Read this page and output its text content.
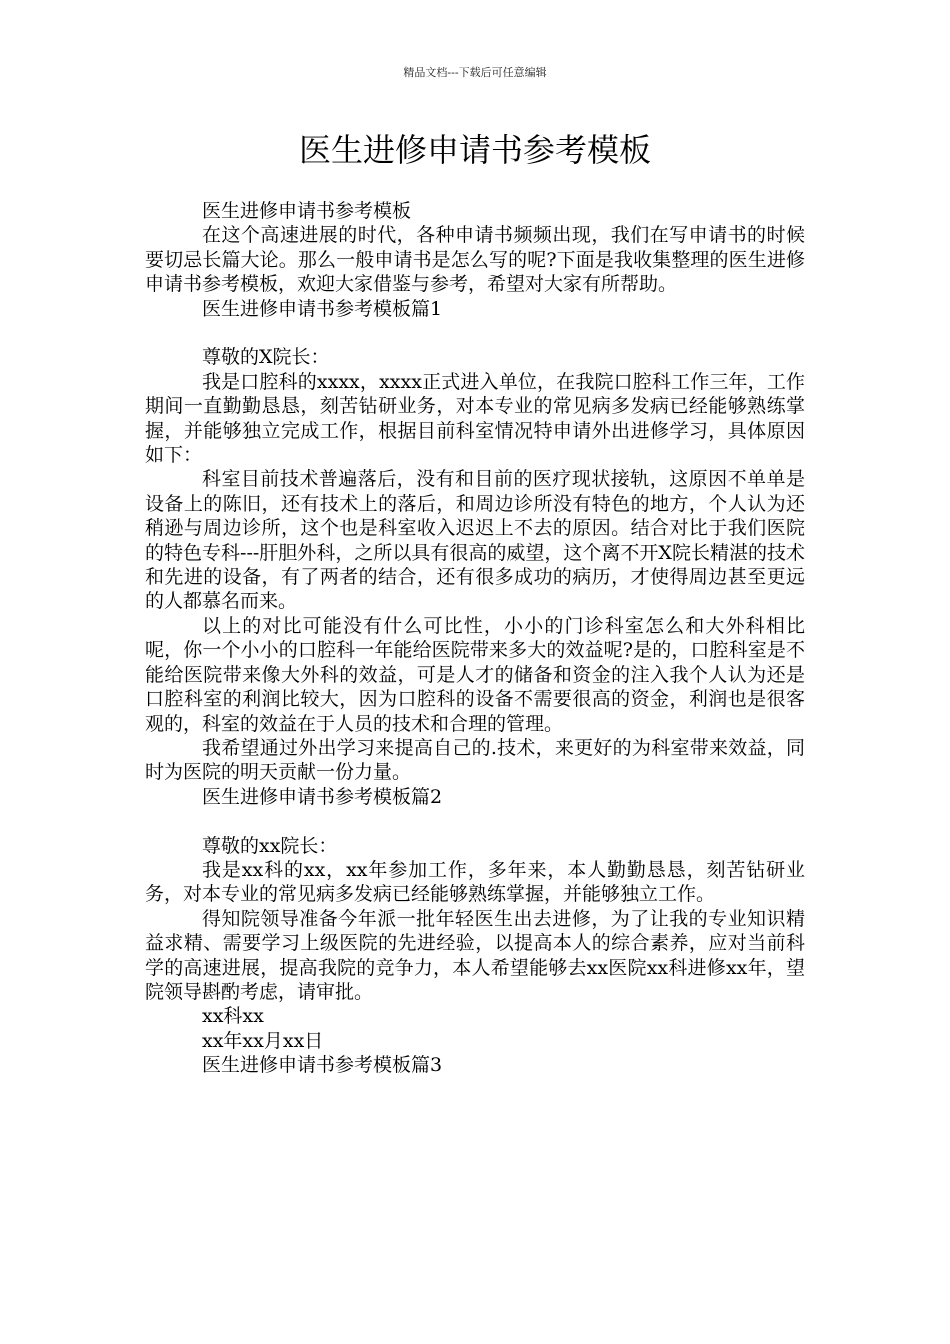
精品文档---下载后可任意编辑
医生进修申请书参考模板

医生进修申请书参考模板

在这个高速进展的时代，各种申请书频频出现，我们在写申请书的时候要切忌长篇大论。那么一般申请书是怎么写的呢?下面是我收集整理的医生进修申请书参考模板，欢迎大家借鉴与参考，希望对大家有所帮助。

医生进修申请书参考模板篇1

尊敬的X院长：

我是口腔科的xxxx，xxxx正式进入单位，在我院口腔科工作三年，工作期间一直勤勤恳恳，刻苦钻研业务，对本专业的常见病多发病已经能够熟练掌握，并能够独立完成工作，根据目前科室情况特申请外出进修学习，具体原因如下：

科室目前技术普遍落后，没有和目前的医疗现状接轨，这原因不单单是设备上的陈旧，还有技术上的落后，和周边诊所没有特色的地方，个人认为还稍逊与周边诊所，这个也是科室收入迟迟上不去的原因。结合对比于我们医院的特色专科---肝胆外科，之所以具有很高的威望，这个离不开X院长精湛的技术和先进的设备，有了两者的结合，还有很多成功的病历，才使得周边甚至更远的人都慕名而来。

以上的对比可能没有什么可比性，小小的门诊科室怎么和大外科相比呢，你一个小小的口腔科一年能给医院带来多大的效益呢?是的，口腔科室是不能给医院带来像大外科的效益，可是人才的储备和资金的注入我个人认为还是口腔科室的利润比较大，因为口腔科的设备不需要很高的资金，利润也是很客观的，科室的效益在于人员的技术和合理的管理。

我希望通过外出学习来提高自己的.技术，来更好的为科室带来效益，同时为医院的明天贡献一份力量。

医生进修申请书参考模板篇2

尊敬的xx院长：

我是xx科的xx，xx年参加工作，多年来，本人勤勤恳恳，刻苦钻研业务，对本专业的常见病多发病已经能够熟练掌握，并能够独立工作。

得知院领导准备今年派一批年轻医生出去进修，为了让我的专业知识精益求精、需要学习上级医院的先进经验，以提高本人的综合素养，应对当前科学的高速进展，提高我院的竞争力，本人希望能够去xx医院xx科进修xx年，望院领导斟酌考虑，请审批。

xx科xx

xx年xx月xx日

医生进修申请书参考模板篇3
